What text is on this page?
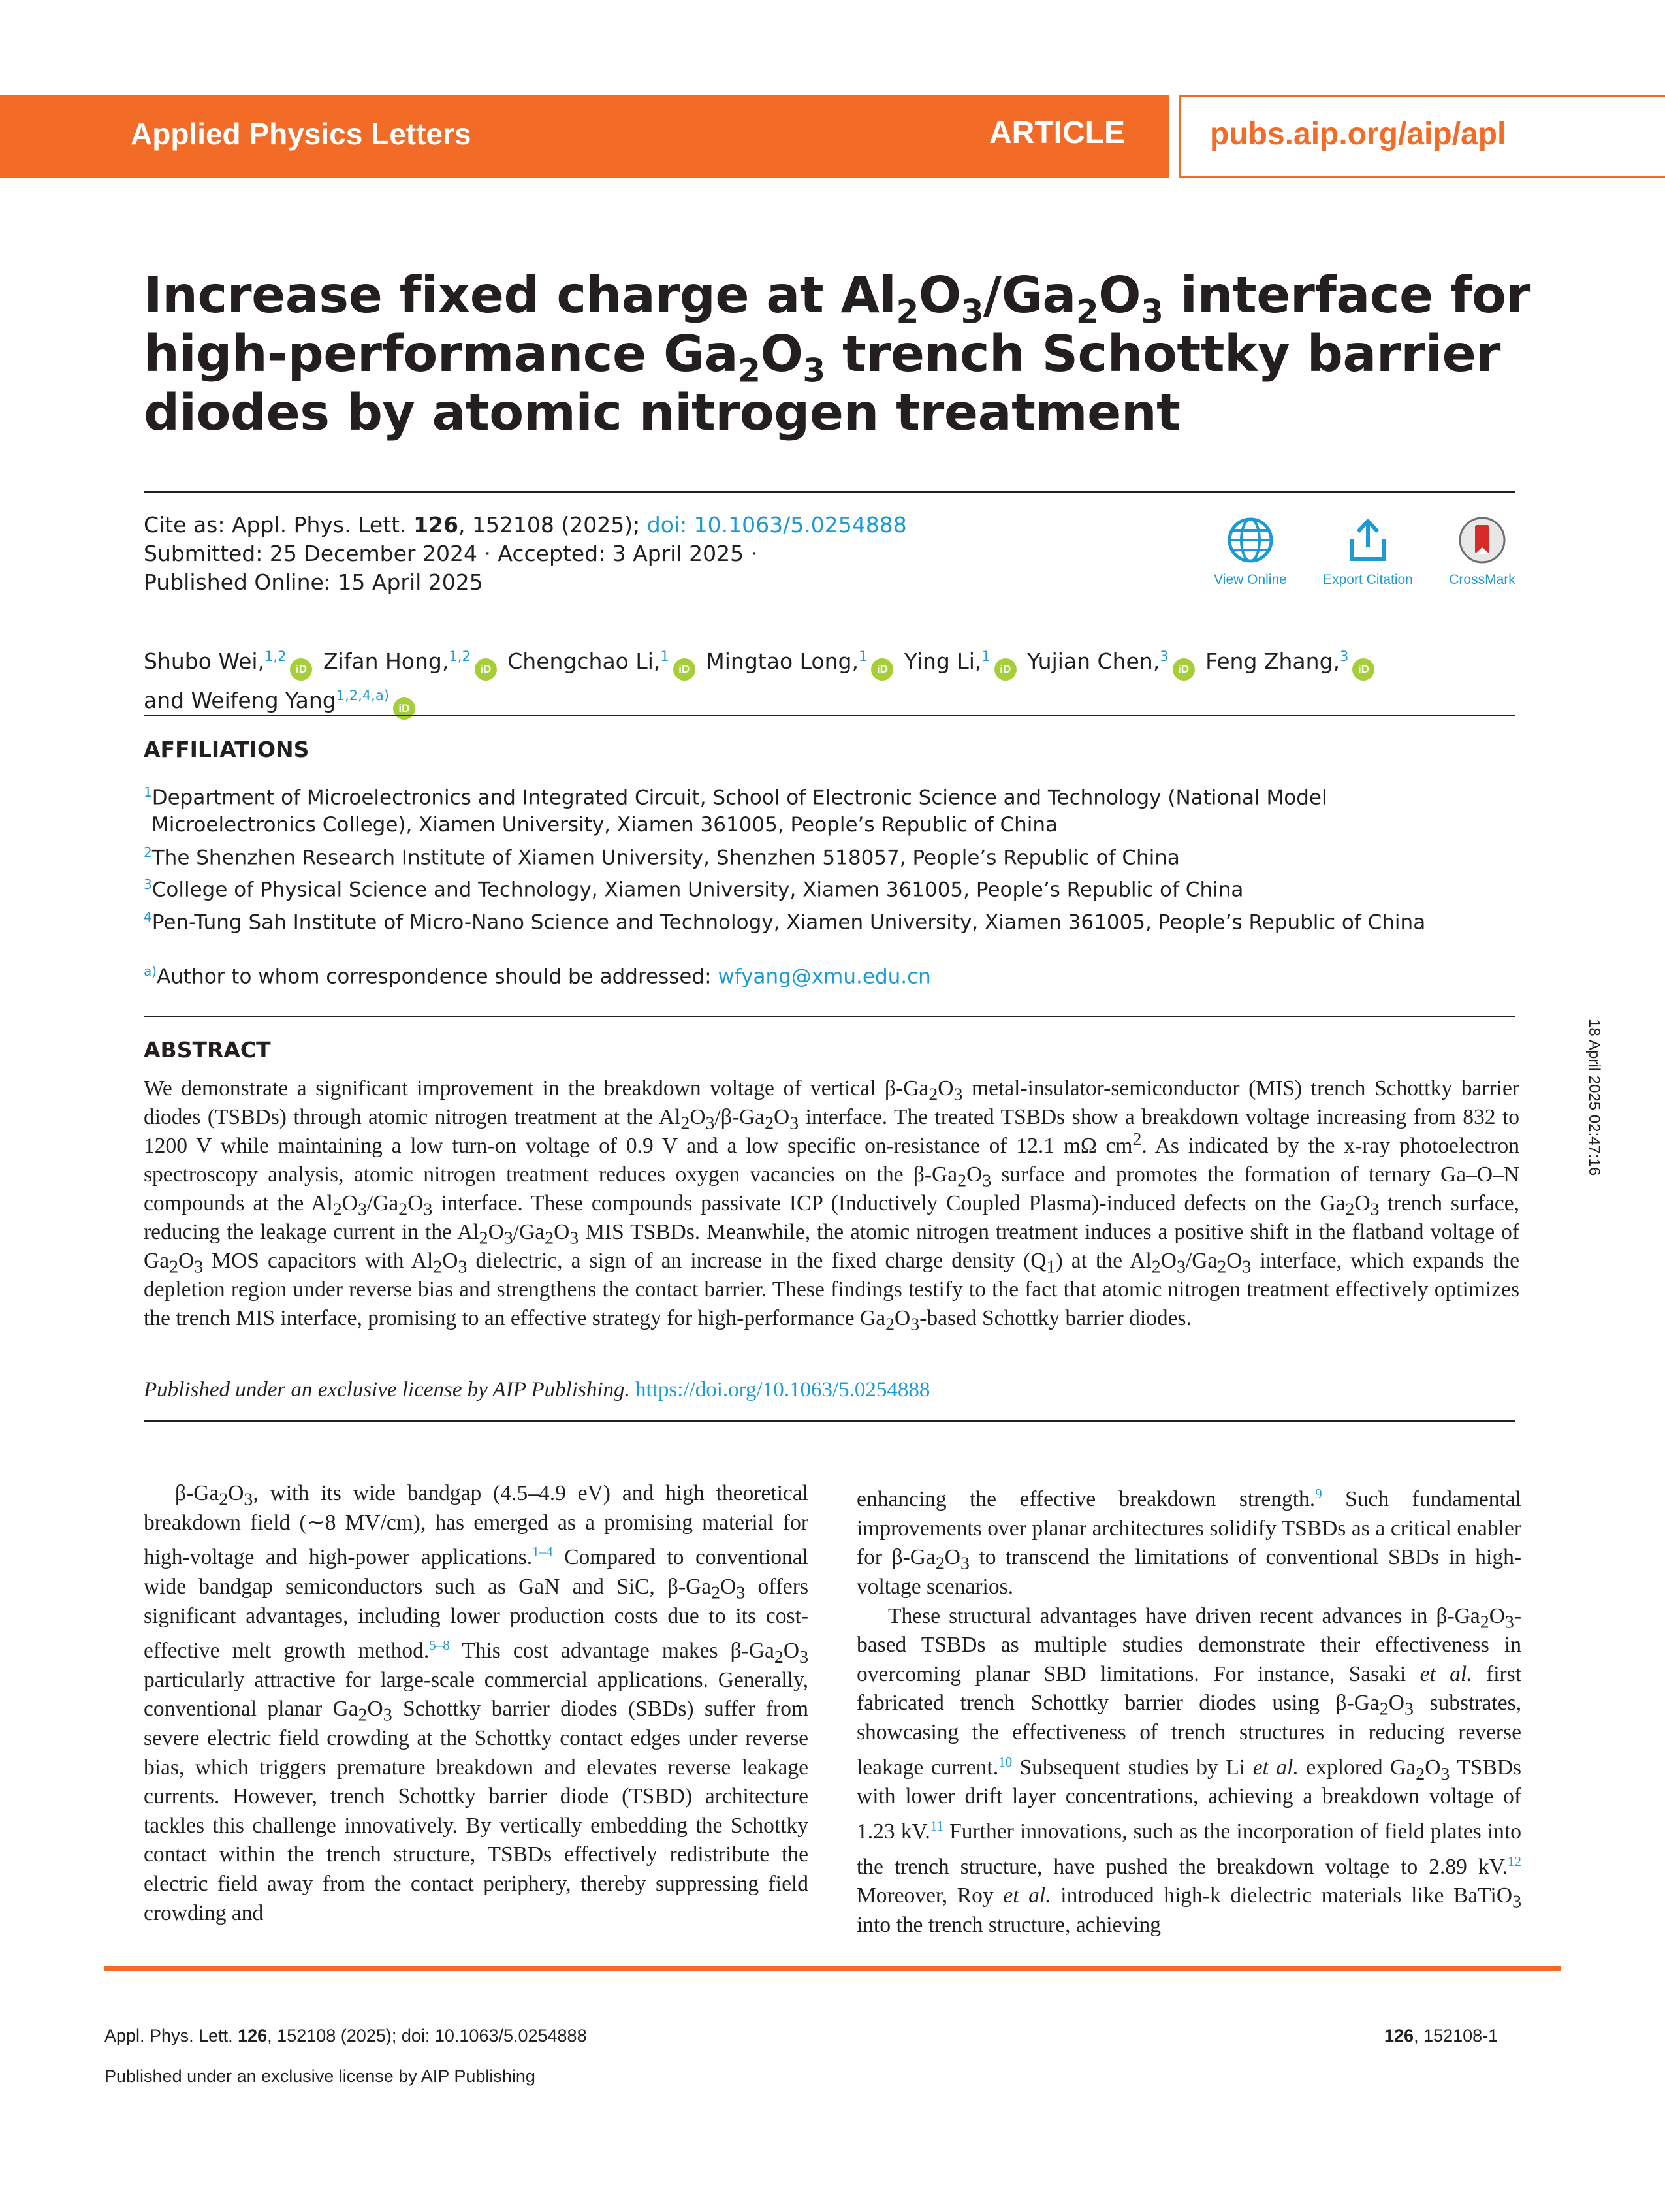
Applied Physics Letters	ARTICLE	pubs.aip.org/aip/apl
Increase fixed charge at $Al_2O_3/Ga_2O_3$ interface for
high-performance $Ga_2O_3$ trench Schottky barrier
diodes by atomic nitrogen treatment
Cite as: Appl. Phys. Lett. 126, 152108 (2025); doi: 10.1063/5.0254888
Submitted: 25 December 2024 · Accepted: 3 April 2025 ·
Published Online: 15 April 2025	View Online	Export Citation	CrossMark
Shubo Wei,$^{1,2}$iD Zifan Hong,$^{1,2}$iD Chengchao Li,$^1$iD Mingtao Long,$^1$iD Ying Li,$^1$iD Yujian Chen,$^3$iD Feng Zhang,$^3$iD
and Weifeng Yang$^{1,2,4,a)}$iD
AFFILIATIONS
$^1$Department of Microelectronics and Integrated Circuit, School of Electronic Science and Technology (National Model
Microelectronics College), Xiamen University, Xiamen 361005, People’s Republic of China
$^2$The Shenzhen Research Institute of Xiamen University, Shenzhen 518057, People’s Republic of China
$^3$College of Physical Science and Technology, Xiamen University, Xiamen 361005, People’s Republic of China
$^4$Pen-Tung Sah Institute of Micro-Nano Science and Technology, Xiamen University, Xiamen 361005, People’s Republic of China
$^{a)}$Author to whom correspondence should be addressed: wfyang@xmu.edu.cn
ABSTRACT
We demonstrate a significant improvement in the breakdown voltage of vertical $\beta-Ga_2O_3$ metal-insulator-semiconductor (MIS) trench Schottky barrier diodes (TSBDs) through atomic nitrogen treatment at the $Al_2O_3/\beta-Ga_2O_3$ interface. The treated TSBDs show a breakdown voltage increasing from 832 to 1200 V while maintaining a low turn-on voltage of 0.9 V and a low specific on-resistance of 12.1 mΩ $cm^2$. As indicated by the x-ray photoelectron spectroscopy analysis, atomic nitrogen treatment reduces oxygen vacancies on the $\beta-Ga_2O_3$ surface and promotes the formation of ternary Ga–O–N compounds at the $Al_2O_3/Ga_2O_3$ interface. These compounds passivate ICP (Inductively Coupled Plasma)-induced defects on the $Ga_2O_3$ trench surface, reducing the leakage current in the $Al_2O_3/Ga_2O_3$ MIS TSBDs. Meanwhile, the atomic nitrogen treatment induces a positive shift in the flatband voltage of $Ga_2O_3$ MOS capacitors with $Al_2O_3$ dielectric, a sign of an increase in the fixed charge density $(Q_1)$ at the $Al_2O_3/Ga_2O_3$ interface, which expands the depletion region under reverse bias and strengthens the contact barrier. These findings testify to the fact that atomic nitrogen treatment effectively optimizes the trench MIS interface, promising to an effective strategy for high-performance $Ga_2O_3$-based Schottky barrier diodes.
Published under an exclusive license by AIP Publishing. https://doi.org/10.1063/5.0254888
$\beta-Ga_2O_3$, with its wide bandgap (4.5–4.9 eV) and high theoretical breakdown field (∼8 MV/cm), has emerged as a promising material for high-voltage and high-power applications.$^{1-4}$ Compared to conventional wide bandgap semiconductors such as GaN and SiC, $\beta-Ga_2O_3$ offers significant advantages, including lower production costs due to its cost-effective melt growth method.$^{5-8}$ This cost advantage makes $\beta-Ga_2O_3$ particularly attractive for large-scale commercial applications. Generally, conventional planar $Ga_2O_3$ Schottky barrier diodes (SBDs) suffer from severe electric field crowding at the Schottky contact edges under reverse bias, which triggers premature breakdown and elevates reverse leakage currents. However, trench Schottky barrier diode (TSBD) architecture tackles this challenge innovatively. By vertically embedding the Schottky contact within the trench structure, TSBDs effectively redistribute the electric field away from the contact periphery, thereby suppressing field crowding and
enhancing the effective breakdown strength.$^9$ Such fundamental improvements over planar architectures solidify TSBDs as a critical enabler for $\beta-Ga_2O_3$ to transcend the limitations of conventional SBDs in high-voltage scenarios.
These structural advantages have driven recent advances in $\beta-Ga_2O_3$-based TSBDs as multiple studies demonstrate their effectiveness in overcoming planar SBD limitations. For instance, Sasaki et al. first fabricated trench Schottky barrier diodes using $\beta-Ga_2O_3$ substrates, showcasing the effectiveness of trench structures in reducing reverse leakage current.$^{10}$ Subsequent studies by Li et al. explored $Ga_2O_3$ TSBDs with lower drift layer concentrations, achieving a breakdown voltage of 1.23 kV.$^{11}$ Further innovations, such as the incorporation of field plates into the trench structure, have pushed the breakdown voltage to 2.89 kV.$^{12}$ Moreover, Roy et al. introduced high-k dielectric materials like BaTiO$_3$ into the trench structure, achieving
Appl. Phys. Lett. 126, 152108 (2025); doi: 10.1063/5.0254888
Published under an exclusive license by AIP Publishing
126, 152108-1
18 April 2025 02:47:16
